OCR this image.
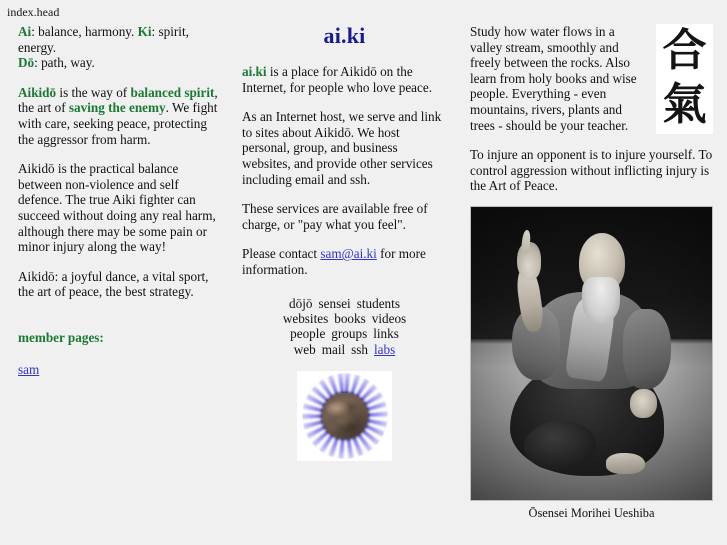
index.head

Ai: balance, harmony. Ki: spirit, energy.
Dō: path, way.

Aikidō is the way of balanced spirit, the art of saving the enemy. We fight with care, seeking peace, protecting the aggressor from harm.

Aikidō is the practical balance between non-violence and self defence. The true Aiki fighter can succeed without doing any real harm, although there may be some pain or minor injury along the way!

Aikidō: a joyful dance, a vital sport, the art of peace, the best strategy.

member pages:
sam
ai.ki

ai.ki is a place for Aikidō on the Internet, for people who love peace.

As an Internet host, we serve and link to sites about Aikidō. We host personal, group, and business websites, and provide other services including email and ssh.

These services are available free of charge, or "pay what you feel".

Please contact sam@ai.ki for more information.

dōjō sensei students
websites books videos
people groups links
web mail ssh labs
合
氣

Study how water flows in a valley stream, smoothly and freely between the rocks. Also learn from holy books and wise people. Everything - even mountains, rivers, plants and trees - should be your teacher.

To injure an opponent is to injure yourself. To control aggression without inflicting injury is the Art of Peace.

Ōsensei Morihei Ueshiba
